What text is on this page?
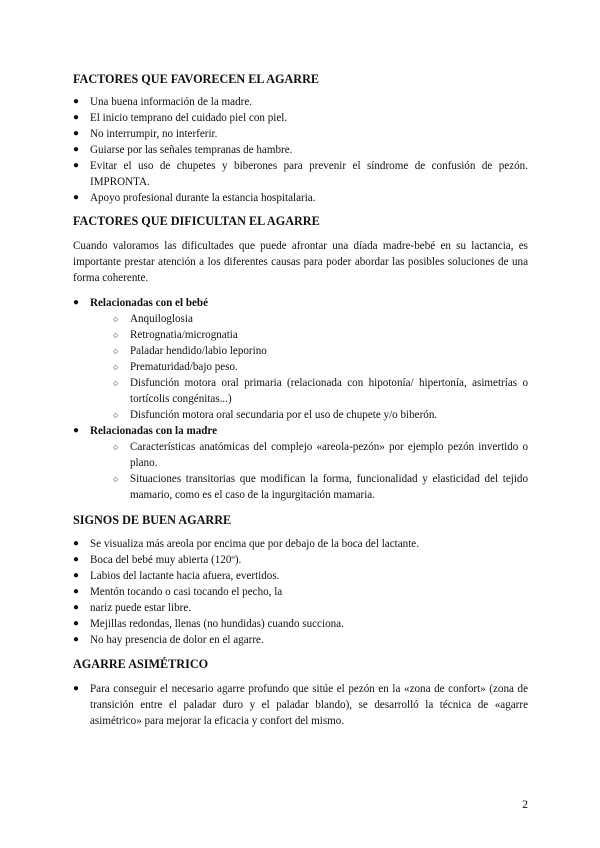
FACTORES QUE FAVORECEN EL AGARRE
● Una buena información de la madre.
● El inicio temprano del cuidado piel con piel.
● No interrumpir, no interferir.
● Guiarse por las señales tempranas de hambre.
● Evitar el uso de chupetes y biberones para prevenir el síndrome de confusión de pezón. IMPRONTA.
● Apoyo profesional durante la estancia hospitalaria.
FACTORES QUE DIFICULTAN EL AGARRE

Cuando valoramos las dificultades que puede afrontar una díada madre-bebé en su lactancia, es importante prestar atención a los diferentes causas para poder abordar las posibles soluciones de una forma coherente.

● Relacionadas con el bebé
○ Anquiloglosia
○ Retrognatia/micrognatia
○ Paladar hendido/labio leporino
○ Prematuridad/bajo peso.
○ Disfunción motora oral primaria (relacionada con hipotonía/ hipertonía, asimetrías o tortícolis congénitas...)
○ Disfunción motora oral secundaria por el uso de chupete y/o biberón.
● Relacionadas con la madre
○ Características anatómicas del complejo «areola-pezón» por ejemplo pezón invertido o plano.
○ Situaciones transitorias que modifican la forma, funcionalidad y elasticidad del tejido mamario, como es el caso de la ingurgitación mamaria.
SIGNOS DE BUEN AGARRE
● Se visualiza más areola por encima que por debajo de la boca del lactante.
● Boca del bebé muy abierta (120º).
● Labios del lactante hacia afuera, evertidos.
● Mentón tocando o casi tocando el pecho, la
● nariz puede estar libre.
● Mejillas redondas, llenas (no hundidas) cuando succiona.
● No hay presencia de dolor en el agarre.
AGARRE ASIMÉTRICO
● Para conseguir el necesario agarre profundo que sitúe el pezón en la «zona de confort» (zona de transición entre el paladar duro y el paladar blando), se desarrolló la técnica de «agarre asimétrico» para mejorar la eficacia y confort del mismo.
2
